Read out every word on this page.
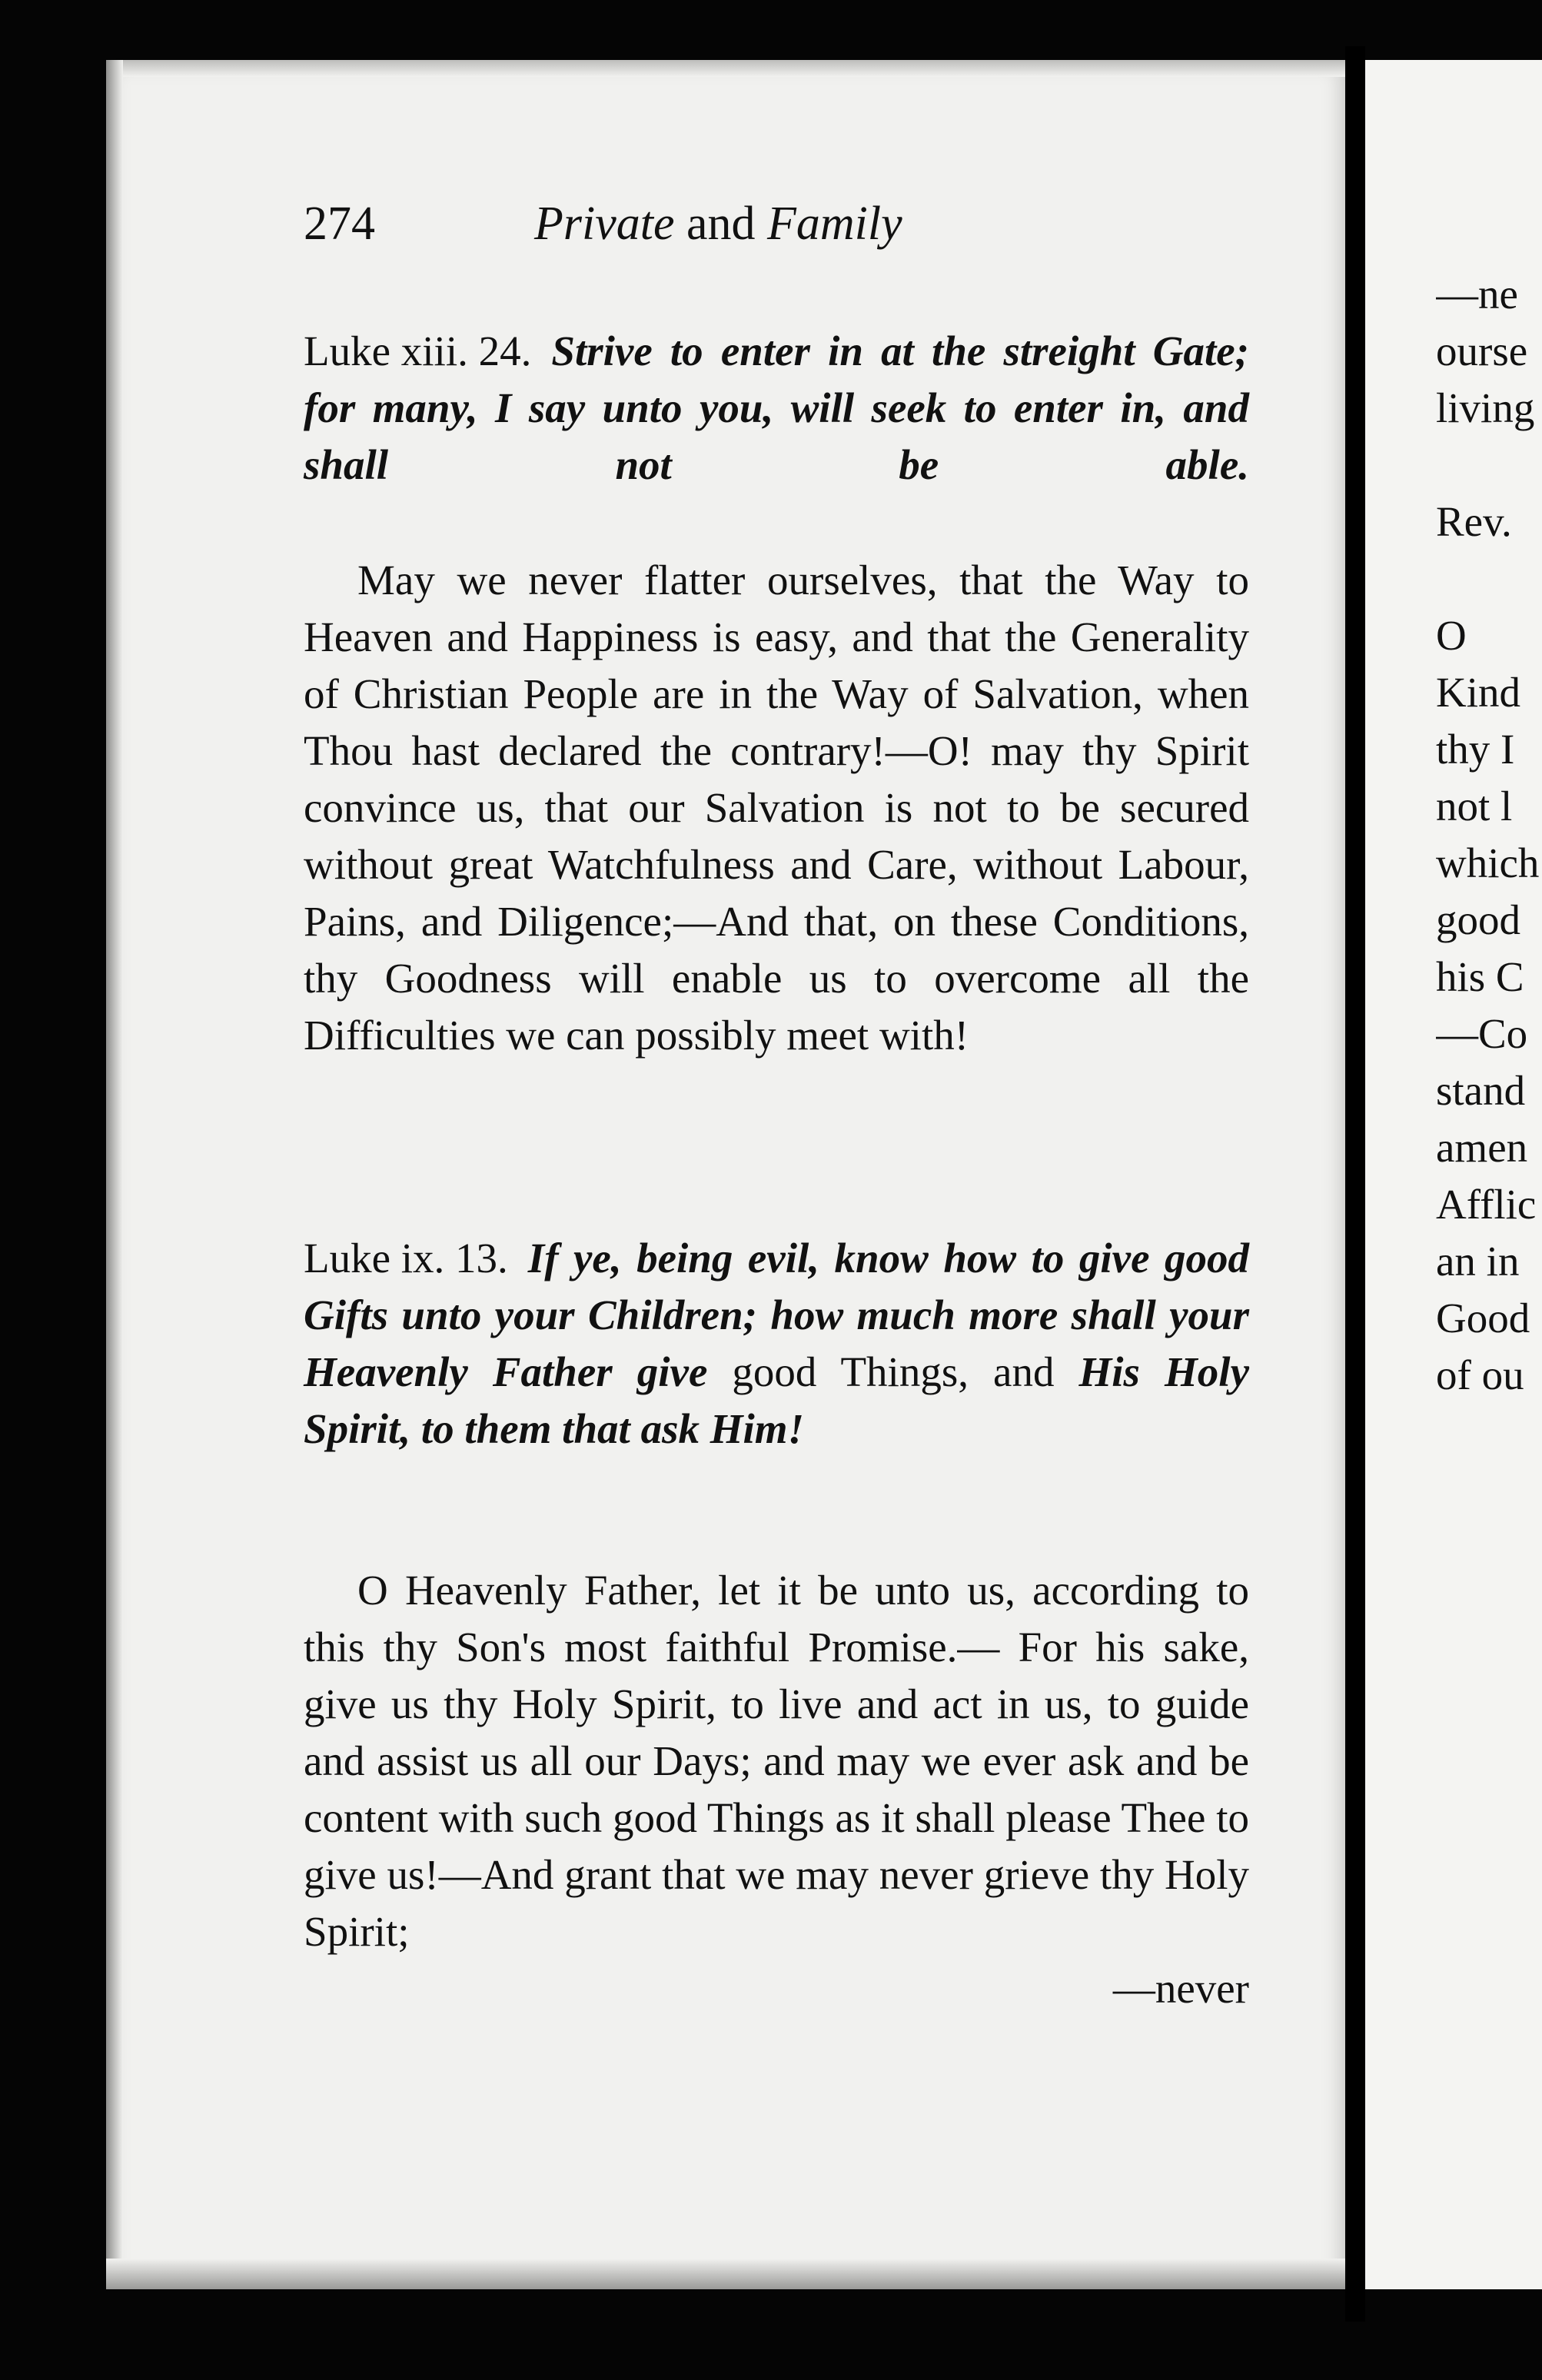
274	Private and Family
Luke xiii. 24. Strive to enter in at the streight Gate; for many, I say unto you, will seek to enter in, and shall not be able.

May we never flatter ourselves, that the Way to Heaven and Happiness is easy, and that the Generality of Christian People are in the Way of Salvation, when Thou hast declared the contrary!—O! may thy Spirit convince us, that our Salvation is not to be secured without great Watchfulness and Care, without Labour, Pains, and Diligence;—And that, on these Conditions, thy Goodness will enable us to overcome all the Difficulties we can possibly meet with!

Luke ix. 13. If ye, being evil, know how to give good Gifts unto your Children; how much more shall your Heavenly Father give good Things, and His Holy Spirit, to them that ask Him!
O Heavenly Father, let it be unto us, according to this thy Son's most faithful Promise.— For his sake, give us thy Holy Spirit, to live and act in us, to guide and assist us all our Days; and may we ever ask and be content with such good Things as it shall please Thee to give us!—And grant that we may never grieve thy Holy Spirit;
—never
—ne
ourse
living
Rev.
O
Kind
thy I
not l
which
good
his C
—Co
stand
amen
Afflic
an in
Good
of ou
